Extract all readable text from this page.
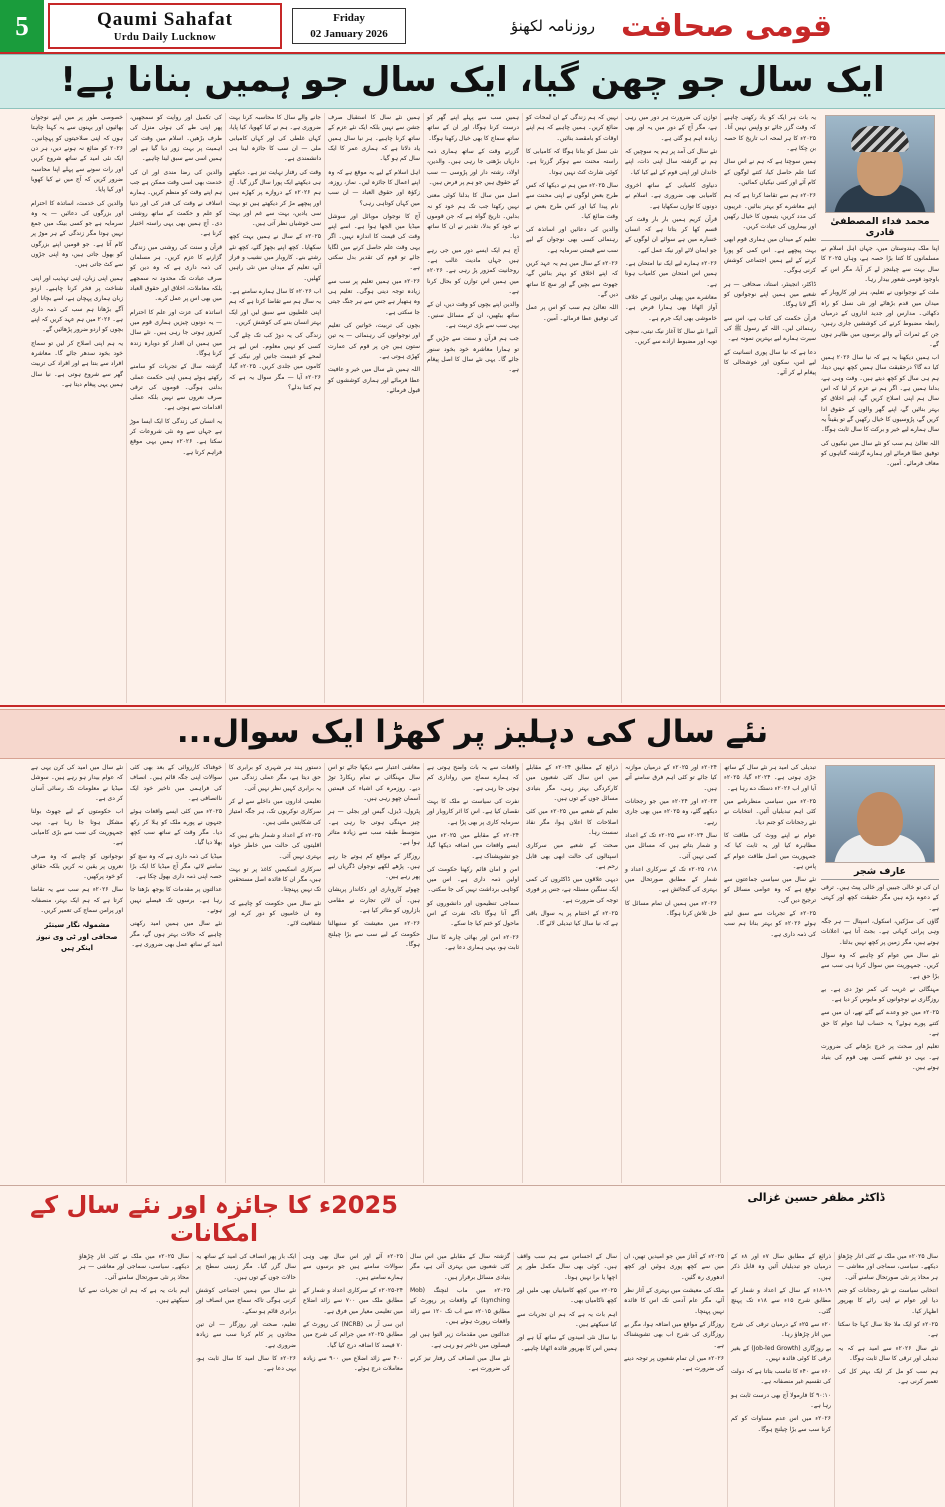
5	Qaumi Sahafat
Urdu Daily Lucknow
Friday
02 January 2026	روزنامہ لکھنؤ قومی صحافت
ایک سال جو چھن گیا، ایک سال جو ہمیں بنانا ہے!
محمد فداء المصطفیٰ قادری

اپنا ملک ہندوستان میں، جہاں اہل اسلام نے مسلمانوں کا کتنا بڑا حصہ ہے، وہاں ۲۰۲۵ کا سال بہت سے چیلنجز لے کر آیا، مگر اس کے باوجود قومی شعور بیدار رہا۔

ملت کے نوجوانوں نے تعلیم، ہنر اور کاروبار کے میدان میں قدم بڑھائے اور نئی نسل کو راہ دکھائی۔ مدارس اور جدید اداروں کے درمیان رابطہ مضبوط کرنے کی کوششیں جاری رہیں، جن کے ثمرات آنے والے برسوں میں ظاہر ہوں گے۔

اب ہمیں دیکھنا یہ ہے کہ نیا سال ۲۰۲۶ ہمیں کیا دے گا؟ درحقیقت سال ہمیں کچھ نہیں دیتا، ہم ہی سال کو کچھ دیتے ہیں۔ وقت وہی ہے، بدلنا ہمیں ہے۔ اگر ہم نے عزم کر لیا کہ اس سال ہم اپنی اصلاح کریں گے، اپنے اخلاق کو بہتر بنائیں گے، اپنے گھر والوں کے حقوق ادا کریں گے، پڑوسیوں کا خیال رکھیں گے تو یقیناً یہ سال ہمارے لیے خیر و برکت کا سال ثابت ہوگا۔

اللہ تعالیٰ ہم سب کو نئے سال میں نیکیوں کی توفیق عطا فرمائے اور ہمارے گزشتہ گناہوں کو معاف فرمائے۔ آمین۔

یہ بات ہر ایک کو یاد رکھنی چاہیے کہ وقت گزر جائے تو واپس نہیں آتا۔ ۲۰۲۵ء کا ہر لمحہ اب تاریخ کا حصہ بن چکا ہے۔

ہمیں سوچنا ہے کہ ہم نے اس سال کتنا علم حاصل کیا، کتنے لوگوں کے کام آئے اور کتنی نیکیاں کمائیں۔

۲۰۲۶ء ہم سے تقاضا کرتا ہے کہ ہم اپنے معاشرے کو بہتر بنائیں۔ غریبوں کی مدد کریں، یتیموں کا خیال رکھیں اور بیماروں کی عیادت کریں۔

تعلیم کے میدان میں ہماری قوم ابھی بہت پیچھے ہے۔ اس کمی کو پورا کرنے کے لیے ہمیں اجتماعی کوشش کرنی ہوگی۔

ڈاکٹر، انجینئر، استاد، صحافی — ہر شعبے میں ہمیں اپنے نوجوانوں کو آگے لانا ہوگا۔

قرآن حکمت کی کتاب ہے، اس سے رہنمائی لیں۔ اللہ کے رسول ﷺ کی سیرت ہمارے لیے بہترین نمونہ ہے۔

دعا ہے کہ نیا سال پوری انسانیت کے لیے امن، سکون اور خوشحالی کا پیغام لے کر آئے۔

توازن کی ضرورت ہر دور میں رہی ہے، مگر آج کے دور میں یہ اور بھی زیادہ اہم ہو گئی ہے۔

نئے سال کی آمد پر ہم یہ سوچیں کہ ہم نے گزشتہ سال اپنی ذات، اپنے خاندان اور اپنی قوم کے لیے کیا کیا۔

دنیاوی کامیابی کے ساتھ اخروی کامیابی بھی ضروری ہے۔ اسلام نے دونوں کا توازن سکھایا ہے۔

قرآن کریم ہمیں بار بار وقت کی قسم کھا کر بتاتا ہے کہ انسان خسارے میں ہے سوائے ان لوگوں کے جو ایمان لائے اور نیک عمل کیے۔

۲۰۲۶ء ہمارے لیے ایک نیا امتحان ہے۔ ہمیں اس امتحان میں کامیاب ہونا ہے۔

معاشرے میں پھیلی برائیوں کے خلاف آواز اٹھانا بھی ہمارا فرض ہے۔ خاموشی بھی ایک جرم ہے۔

آئیے! نئے سال کا آغاز نیک نیتی، سچی توبہ اور مضبوط ارادے سے کریں۔

نہیں کہ ہم زندگی کے ان لمحات کو ضائع کریں۔ ہمیں چاہیے کہ ہم اپنے اوقات کو بامقصد بنائیں۔

نئی نسل کو بتانا ہوگا کہ کامیابی کا راستہ محنت سے ہوکر گزرتا ہے۔ کوئی شارٹ کٹ نہیں ہوتا۔

سال ۲۰۲۵ء میں ہم نے دیکھا کہ کس طرح بعض لوگوں نے اپنی محنت سے نام پیدا کیا اور کس طرح بعض نے وقت ضائع کیا۔

والدین کی دعائیں اور اساتذہ کی رہنمائی کسی بھی نوجوان کے لیے سب سے قیمتی سرمایہ ہے۔

۲۰۲۶ء کے سال میں ہم یہ عہد کریں کہ اپنے اخلاق کو بہتر بنائیں گے، جھوٹ سے بچیں گے اور سچ کا ساتھ دیں گے۔

اللہ تعالیٰ ہم سب کو اس پر عمل کی توفیق عطا فرمائے۔ آمین۔

ہمیں سب سے پہلے اپنے گھر کو درست کرنا ہوگا، اور ان کے ساتھ ساتھ سماج کا بھی خیال رکھنا ہوگا۔

گزرتے وقت کے ساتھ ہماری ذمہ داریاں بڑھتی جا رہی ہیں۔ والدین، اولاد، رشتہ دار اور پڑوسی — سب کے حقوق ہیں جو ہم پر فرض ہیں۔

اصل میں سال کا بدلنا کوئی معنی نہیں رکھتا جب تک ہم خود کو نہ بدلیں۔ تاریخ گواہ ہے کہ جن قوموں نے خود کو بدلا، تقدیر نے ان کا ساتھ دیا۔

آج ہم ایک ایسے دور میں جی رہے ہیں جہاں مادیت غالب ہے۔ روحانیت کمزور پڑ رہی ہے۔ ۲۰۲۶ء میں ہمیں اس توازن کو بحال کرنا ہے۔

والدین اپنے بچوں کو وقت دیں، ان کے ساتھ بیٹھیں، ان کے مسائل سنیں۔ یہی سب سے بڑی تربیت ہے۔

جب ہم قرآن و سنت سے جڑیں گے تو ہمارا معاشرہ خود بخود سنور جائے گا۔ یہی نئے سال کا اصل پیغام ہے۔

ہمیں نئے سال کا استقبال صرف جشن سے نہیں بلکہ ایک نئے عزم کے ساتھ کرنا چاہیے۔ ہر نیا سال ہمیں یاد دلاتا ہے کہ ہماری عمر کا ایک سال کم ہو گیا۔

اہل اسلام کے لیے یہ موقع ہے کہ وہ اپنے اعمال کا جائزہ لیں۔ نماز، روزہ، زکوٰۃ اور حقوق العباد — ان سب میں کہاں کوتاہی رہی؟

آج کا نوجوان موبائل اور سوشل میڈیا میں الجھا ہوا ہے۔ اسے اپنے وقت کی قیمت کا اندازہ نہیں۔ اگر یہی وقت علم حاصل کرنے میں لگایا جائے تو قوم کی تقدیر بدل سکتی ہے۔

۲۰۲۶ء میں ہمیں تعلیم پر سب سے زیادہ توجہ دینی ہوگی۔ تعلیم ہی وہ ہتھیار ہے جس سے ہر جنگ جیتی جا سکتی ہے۔

بچوں کی تربیت، خواتین کی تعلیم اور نوجوانوں کی رہنمائی — یہ تین ستون ہیں جن پر قوم کی عمارت کھڑی ہوتی ہے۔

اللہ ہمیں نئے سال میں خیر و عافیت عطا فرمائے اور ہماری کوششوں کو قبول فرمائے۔

جانے والے سال کا محاسبہ کرنا بہت ضروری ہے۔ ہم نے کیا کھویا، کیا پایا، کہاں غلطی کی اور کہاں کامیابی ملی — ان سب کا جائزہ لینا ہی دانشمندی ہے۔

وقت کی رفتار نہایت تیز ہے۔ دیکھتے ہی دیکھتے ایک پورا سال گزر گیا۔ آج ہم ۲۰۲۶ء کے دروازے پر کھڑے ہیں اور پیچھے مڑ کر دیکھتے ہیں تو بہت سی یادیں، بہت سے غم اور بہت سی خوشیاں نظر آتی ہیں۔

۲۰۲۵ء کے سال نے ہمیں بہت کچھ سکھایا۔ کچھ اپنے بچھڑ گئے، کچھ نئے رشتے بنے۔ کاروبار میں نشیب و فراز آئے، تعلیم کے میدان میں نئی راہیں کھلیں۔

اب ۲۰۲۶ء کا سال ہمارے سامنے ہے۔ یہ سال ہم سے تقاضا کرتا ہے کہ ہم اپنی غلطیوں سے سبق لیں اور ایک بہتر انسان بننے کی کوشش کریں۔

زندگی کی یہ دوڑ کب تک چلے گی، کسی کو نہیں معلوم۔ اس لیے ہر لمحے کو غنیمت جانیں اور نیکی کے کاموں میں جلدی کریں۔ ۲۰۲۵ء گیا، ۲۰۲۶ء آیا — مگر سوال یہ ہے کہ ہم کتنا بدلے؟

کی تکمیل اور روایت کو سمجھیں، پھر اپنی طے کی ہوئی منزل کی طرف بڑھیں۔ اسلام میں وقت کی اہمیت پر بہت زور دیا گیا ہے اور ہمیں اسی سے سبق لینا چاہیے۔

والدین کی رضا مندی اور ان کی خدمت بھی اسی وقت ممکن ہے جب ہم اپنے وقت کو منظم کریں۔ ہمارے اسلاف نے وقت کی قدر کی اور دنیا کو علم و حکمت کے ساتھ روشنی دی۔ آج ہمیں بھی یہی راستہ اختیار کرنا ہے۔

قرآن و سنت کی روشنی میں زندگی گزارنے کا عزم کریں۔ ہر مسلمان کی ذمہ داری ہے کہ وہ دین کو صرف عبادت تک محدود نہ سمجھے بلکہ معاملات، اخلاق اور حقوق العباد میں بھی اس پر عمل کرے۔

اساتذہ کی عزت اور علم کا احترام — یہ دونوں چیزیں ہماری قوم میں کمزور ہوتی جا رہی ہیں۔ نئے سال میں ہمیں ان اقدار کو دوبارہ زندہ کرنا ہوگا۔

گزشتہ سال کے تجربات کو سامنے رکھتے ہوئے ہمیں اپنی حکمت عملی بدلنی ہوگی۔ قوموں کی ترقی صرف نعروں سے نہیں بلکہ عملی اقدامات سے ہوتی ہے۔

یہ انسان کی زندگی کا ایک ایسا موڑ ہے جہاں سے وہ نئی شروعات کر سکتا ہے۔ ۲۰۲۶ء ہمیں یہی موقع فراہم کرتا ہے۔

خصوصی طور پر میں اپنے نوجوان بھائیوں اور بہنوں سے یہ کہنا چاہتا ہوں کہ اپنی صلاحیتوں کو پہچانیں۔ ۲۰۲۶ کو ضائع نہ ہونے دیں، ہر دن ایک نئی امید کے ساتھ شروع کریں اور رات سونے سے پہلے اپنا محاسبہ ضرور کریں کہ آج میں نے کیا کھویا اور کیا پایا۔

والدین کی خدمت، اساتذہ کا احترام اور بزرگوں کی دعائیں — یہ وہ سرمایہ ہے جو کسی بینک میں جمع نہیں ہوتا مگر زندگی کے ہر موڑ پر کام آتا ہے۔ جو قومیں اپنے بزرگوں کو بھول جاتی ہیں، وہ اپنی جڑوں سے کٹ جاتی ہیں۔

ہمیں اپنی زبان، اپنی تہذیب اور اپنی شناخت پر فخر کرنا چاہیے۔ اردو زبان ہماری پہچان ہے، اسے بچانا اور آگے بڑھانا ہم سب کی ذمہ داری ہے۔ ۲۰۲۶ میں ہم عہد کریں کہ اپنے بچوں کو اردو ضرور پڑھائیں گے۔

یہ ہم اپنی اصلاح کر لیں تو سماج خود بخود سدھر جائے گا۔ معاشرہ افراد سے بنتا ہے اور افراد کی تربیت گھر سے شروع ہوتی ہے۔ نیا سال ہمیں یہی پیغام دیتا ہے۔

نئے سال کی دہلیز پر کھڑا ایک سوال...
عارف شجر

ان کی تو خالی جیبیں اور خالی پیٹ ہیں۔ ترقی کے دعوے بڑے ہیں مگر حقیقت کچھ اور کہتی ہے۔

گاؤں کی سڑکیں، اسکول، اسپتال — ہر جگہ وہی پرانی کہانی ہے۔ بجٹ آتا ہے، اعلانات ہوتے ہیں، مگر زمین پر کچھ نہیں بدلتا۔

نئے سال میں عوام کو چاہیے کہ وہ سوال کریں۔ جمہوریت میں سوال کرنا ہی سب سے بڑا حق ہے۔

مہنگائی نے غریب کی کمر توڑ دی ہے۔ بے روزگاری نے نوجوانوں کو مایوس کر دیا ہے۔

۲۰۲۵ء میں جو وعدے کیے گئے تھے، ان میں سے کتنے پورے ہوئے؟ یہ حساب لینا عوام کا حق ہے۔

تعلیم اور صحت پر خرچ بڑھانے کی ضرورت ہے۔ یہی دو شعبے کسی بھی قوم کی بنیاد ہوتے ہیں۔

تبدیلی کی امید ہر نئے سال کے ساتھ جڑی ہوتی ہے۔ ۲۰۲۴ء گیا، ۲۰۲۵ء آیا اور اب ۲۰۲۶ء دستک دے رہا ہے۔

۲۰۲۵ء میں سیاسی منظرنامے میں کئی اہم تبدیلیاں آئیں۔ انتخابات نے نئے رجحانات کو جنم دیا۔

عوام نے اپنے ووٹ کی طاقت کا مظاہرہ کیا اور یہ ثابت کیا کہ جمہوریت میں اصل طاقت عوام کے پاس ہے۔

نئے سال میں سیاسی جماعتوں سے توقع ہے کہ وہ عوامی مسائل کو ترجیح دیں گی۔

۲۰۲۵ء کے تجربات سے سبق لیتے ہوئے ۲۰۲۶ء کو بہتر بنانا ہم سب کی ذمہ داری ہے۔

۲۰۲۴ء اور ۲۰۲۵ء کے درمیان موازنہ کیا جائے تو کئی اہم فرق سامنے آتے ہیں۔

۲۰۲۳ء اور ۲۰۲۴ء میں جو رجحانات دیکھے گئے، وہ ۲۰۲۵ء میں بھی جاری رہے۔

سال ۲۰۲۴ء سے ۲۰۲۵ء تک کے اعداد و شمار بتاتے ہیں کہ مسائل میں کمی نہیں آئی۔

۱۸؍ ۲۰۲۵ء تک کے سرکاری اعداد و شمار کے مطابق صورتحال میں بہتری کی گنجائش ہے۔

۲۰۲۶ء میں ہمیں ان تمام مسائل کا حل تلاش کرنا ہوگا۔

ذرائع کے مطابق ۲۰۲۴ء کے مقابلے میں اس سال کئی شعبوں میں کارکردگی بہتر رہی، مگر بنیادی مسائل جوں کے توں ہیں۔

تعلیم کے شعبے میں ۲۰۲۵ء میں کئی اصلاحات کا اعلان ہوا، مگر نفاذ سست رہا۔

صحت کے شعبے میں سرکاری اسپتالوں کی حالت ابھی بھی قابل رحم ہے۔

دیہی علاقوں میں ڈاکٹروں کی کمی ایک سنگین مسئلہ ہے، جس پر فوری توجہ کی ضرورت ہے۔

۲۰۲۵ء کے اختتام پر یہ سوال باقی ہے کہ نیا سال کیا تبدیلی لائے گا۔

واقعات سے یہ بات واضح ہوتی ہے کہ ہمارے سماج میں رواداری کم ہوتی جا رہی ہے۔

نفرت کی سیاست نے ملک کا بہت نقصان کیا ہے۔ اس کا اثر کاروبار اور سرمایہ کاری پر بھی پڑا ہے۔

۲۰۲۴ء کے مقابلے میں ۲۰۲۵ء میں ایسے واقعات میں اضافہ دیکھا گیا، جو تشویشناک ہے۔

امن و امان قائم رکھنا حکومت کی اولین ذمہ داری ہے۔ اس میں کوتاہی برداشت نہیں کی جا سکتی۔

سماجی تنظیموں اور دانشوروں کو آگے آنا ہوگا تاکہ نفرت کے اس ماحول کو ختم کیا جا سکے۔

۲۰۲۶ء امن اور بھائی چارے کا سال ثابت ہو، یہی ہماری دعا ہے۔

معاشی اعتبار سے دیکھا جائے تو اس سال مہنگائی نے تمام ریکارڈ توڑ دیے۔ روزمرہ کی اشیاء کی قیمتیں آسمان چھو رہی ہیں۔

پٹرول، ڈیزل، گیس اور بجلی — ہر چیز مہنگی ہوتی جا رہی ہے۔ متوسط طبقہ سب سے زیادہ متاثر ہوا ہے۔

روزگار کے مواقع کم ہوتے جا رہے ہیں۔ پڑھے لکھے نوجوان ڈگریاں لیے پھر رہے ہیں۔

چھوٹے کاروباری اور دکاندار پریشان ہیں۔ آن لائن تجارت نے مقامی بازاروں کو متاثر کیا ہے۔

۲۰۲۶ء میں معیشت کو سنبھالنا حکومت کے لیے سب سے بڑا چیلنج ہوگا۔

دستور ہند ہر شہری کو برابری کا حق دیتا ہے، مگر عملی زندگی میں یہ برابری کہیں نظر نہیں آتی۔

تعلیمی اداروں میں داخلے سے لے کر سرکاری نوکریوں تک، ہر جگہ امتیاز کی شکایتیں ملتی ہیں۔

۲۰۲۵ء کے اعداد و شمار بتاتے ہیں کہ اقلیتوں کی حالت میں خاطر خواہ بہتری نہیں آئی۔

سرکاری اسکیمیں کاغذ پر تو بہت ہیں، مگر ان کا فائدہ اصل مستحقین تک نہیں پہنچتا۔

نئے سال میں حکومت کو چاہیے کہ وہ ان خامیوں کو دور کرے اور شفافیت لائے۔

خوفناک کارروائی کے بعد بھی کئی سوالات اپنی جگہ قائم ہیں۔ انصاف کی فراہمی میں تاخیر خود ایک ناانصافی ہے۔

۲۰۲۵ء میں کئی ایسے واقعات ہوئے جنہوں نے پورے ملک کو ہلا کر رکھ دیا۔ مگر وقت کے ساتھ سب کچھ بھلا دیا گیا۔

میڈیا کی ذمہ داری ہے کہ وہ سچ کو سامنے لائے، مگر آج میڈیا کا ایک بڑا حصہ اپنی ذمہ داری بھول چکا ہے۔

عدالتوں پر مقدمات کا بوجھ بڑھتا جا رہا ہے۔ برسوں تک فیصلے نہیں ہوتے۔

نئے سال میں ہمیں امید رکھنی چاہیے کہ حالات بہتر ہوں گے، مگر امید کے ساتھ عمل بھی ضروری ہے۔

نئے سال میں امید کی کرن یہی ہے کہ عوام بیدار ہو رہے ہیں۔ سوشل میڈیا نے معلومات تک رسائی آسان کر دی ہے۔

اب حکومتوں کے لیے جھوٹ بولنا مشکل ہوتا جا رہا ہے۔ یہی جمہوریت کی سب سے بڑی کامیابی ہے۔

نوجوانوں کو چاہیے کہ وہ صرف نعروں پر یقین نہ کریں بلکہ حقائق کو خود پرکھیں۔

سال ۲۰۲۶ء ہم سب سے یہ تقاضا کرتا ہے کہ ہم ایک بہتر، منصفانہ اور پرامن سماج کی تعمیر کریں۔

مشمولہ نگار سینئر صحافی اور ٹی وی نیوز اینکر ہیں
ڈاکٹر مظفر حسین غزالی
2025ء کا جائزہ اور نئے سال کے امکانات

سال ۲۰۲۵ء میں ملک نے کئی اتار چڑھاؤ دیکھے۔ سیاسی، سماجی اور معاشی — ہر محاذ پر نئی صورتحال سامنے آئی۔

انتخابی سیاست نے نئے رجحانات کو جنم دیا اور عوام نے اپنی رائے کا بھرپور اظہار کیا۔

۲۰۲۵ء کو ایک ملا جلا سال کہا جا سکتا ہے۔

نئے سال ۲۰۲۶ء سے امید ہے کہ یہ تبدیلی اور ترقی کا سال ثابت ہوگا۔

ہم سب کو مل کر ایک بہتر کل کی تعمیر کرنی ہے۔

ذرائع کے مطابق سال ۷ء اور ۸ء کے درمیان جو تبدیلیاں آئیں وہ قابل ذکر ہیں۔

۱۸-۱۹ء کے سال کے اعداد و شمار کے مطابق شرح ۱۵ء سے ۱۸ء تک پہنچ گئی۔

۲۰ء سے ۲۵ء کے درمیان ترقی کی شرح میں اتار چڑھاؤ رہا۔

بے روزگاری (Job-led Growth) کے بغیر ترقی کا کوئی فائدہ نہیں۔

۶۰ء سے ۴۰ء کا تناسب بتاتا ہے کہ دولت کی تقسیم غیر منصفانہ ہے۔

۹۰:۱۰ کا فارمولا آج بھی درست ثابت ہو رہا ہے۔

۲۰۲۶ء میں اس عدم مساوات کو کم کرنا سب سے بڑا چیلنج ہوگا۔

۲۰۲۵ء کے آغاز میں جو امیدیں تھیں، ان میں سے کچھ پوری ہوئیں اور کچھ ادھوری رہ گئیں۔

ملک کی معیشت میں بہتری کے آثار نظر آئے، مگر عام آدمی تک اس کا فائدہ نہیں پہنچا۔

روزگار کے مواقع میں اضافہ ہوا، مگر بے روزگاری کی شرح اب بھی تشویشناک ہے۔

۲۰۲۶ء میں ان تمام شعبوں پر توجہ دینے کی ضرورت ہے۔

سال کے احساس سے ہم سب واقف ہیں۔ کوئی بھی سال مکمل طور پر اچھا یا برا نہیں ہوتا۔

۲۰۲۵ء میں کچھ کامیابیاں بھی ملیں اور کچھ ناکامیاں بھی۔

اہم بات یہ ہے کہ ہم ان تجربات سے کیا سیکھتے ہیں۔

نیا سال نئی امیدوں کے ساتھ آیا ہے اور ہمیں اس کا بھرپور فائدہ اٹھانا چاہیے۔

گزشتہ سال کے مقابلے میں اس سال کئی شعبوں میں بہتری آئی ہے، مگر بنیادی مسائل برقرار ہیں۔

۲۰۲۵ء میں ماب لنچنگ (Mob Lynching) کے واقعات پر رپورٹ کے مطابق ۲۰۱۵ء سے اب تک ۱۲۰ سے زائد واقعات رپورٹ ہوئے ہیں۔

عدالتوں میں مقدمات زیر التوا ہیں اور فیصلوں میں تاخیر ہو رہی ہے۔

نئے سال میں انصاف کی رفتار تیز کرنے کی ضرورت ہے۔

۲۰۲۵ء آئے اور اس سال بھی وہی سوالات سامنے ہیں جو برسوں سے ہمارے سامنے ہیں۔

۲۰۲۵-۲۴ء کے سرکاری اعداد و شمار کے مطابق ملک میں ۷۰۰ سے زائد اضلاع میں تعلیمی معیار میں فرق ہے۔

این سی آر بی (NCRB) کی رپورٹ کے مطابق ۲۰۲۵ء میں جرائم کی شرح میں ۷۰ فیصد کا اضافہ درج کیا گیا۔

۴۰۰ سے زائد اضلاع میں ۹۰۰ سے زیادہ معاملات درج ہوئے۔

ایک بار پھر انصاف کی امید کے ساتھ یہ سال گزر گیا۔ مگر زمینی سطح پر حالات جوں کے توں ہیں۔

نئے سال میں ہمیں اجتماعی کوشش کرنی ہوگی تاکہ سماج میں انصاف اور برابری قائم ہو سکے۔

تعلیم، صحت اور روزگار — ان تین محاذوں پر کام کرنا سب سے زیادہ ضروری ہے۔

۲۰۲۶ء کا سال امید کا سال ثابت ہو، یہی دعا ہے۔

سال ۲۰۲۵ء میں ملک نے کئی اتار چڑھاؤ دیکھے۔ سیاسی، سماجی اور معاشی — ہر محاذ پر نئی صورتحال سامنے آئی۔

اہم بات یہ ہے کہ ہم ان تجربات سے کیا سیکھتے ہیں۔
